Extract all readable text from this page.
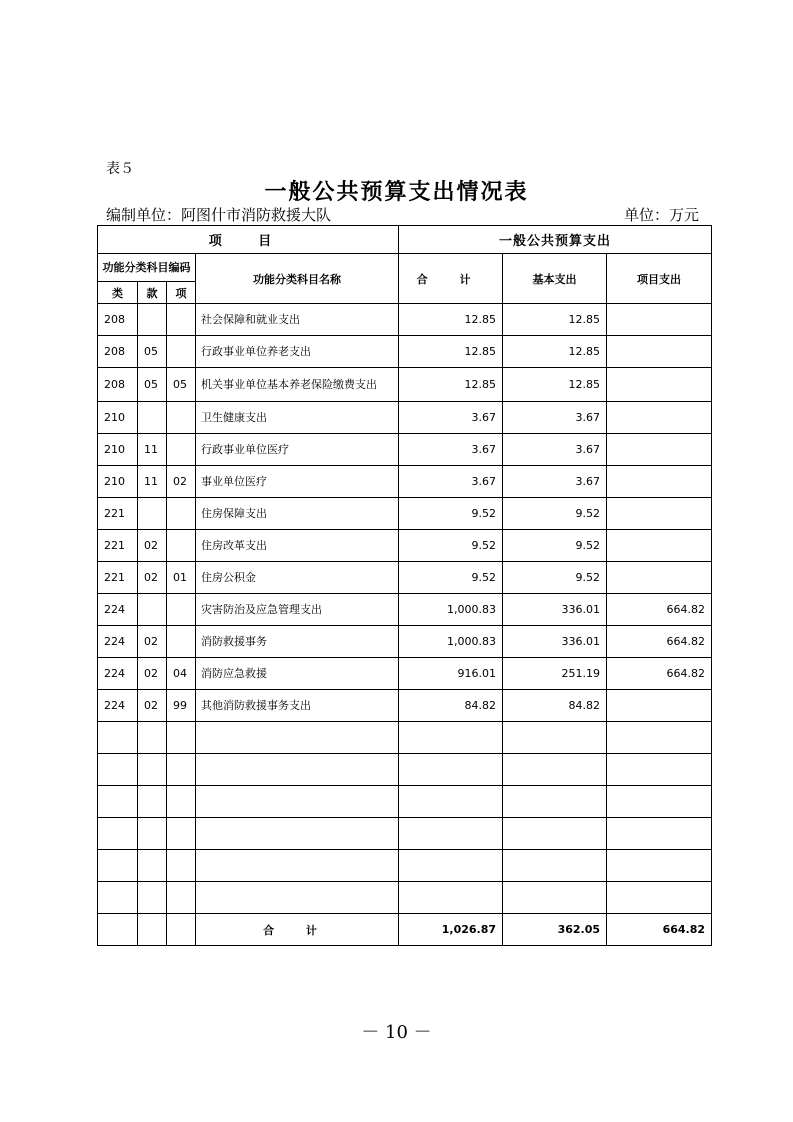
表５
一般公共预算支出情况表
编制单位：阿图什市消防救援大队	单位：万元
项 目				一般公共预算支出		
功能分类科目编码			功能分类科目名称	合 计	基本支出	项目支出
类	款	项				
208			社会保障和就业支出	12.85	12.85	
208	05		行政事业单位养老支出	12.85	12.85	
208	05	05	机关事业单位基本养老保险缴费支出	12.85	12.85	
210			卫生健康支出	3.67	3.67	
210	11		行政事业单位医疗	3.67	3.67	
210	11	02	事业单位医疗	3.67	3.67	
221			住房保障支出	9.52	9.52	
221	02		住房改革支出	9.52	9.52	
221	02	01	住房公积金	9.52	9.52	
224			灾害防治及应急管理支出	1,000.83	336.01	664.82
224	02		消防救援事务	1,000.83	336.01	664.82
224	02	04	消防应急救援	916.01	251.19	664.82
224	02	99	其他消防救援事务支出	84.82	84.82	

			合 计	1,026.87	362.05	664.82
－ 10 －
